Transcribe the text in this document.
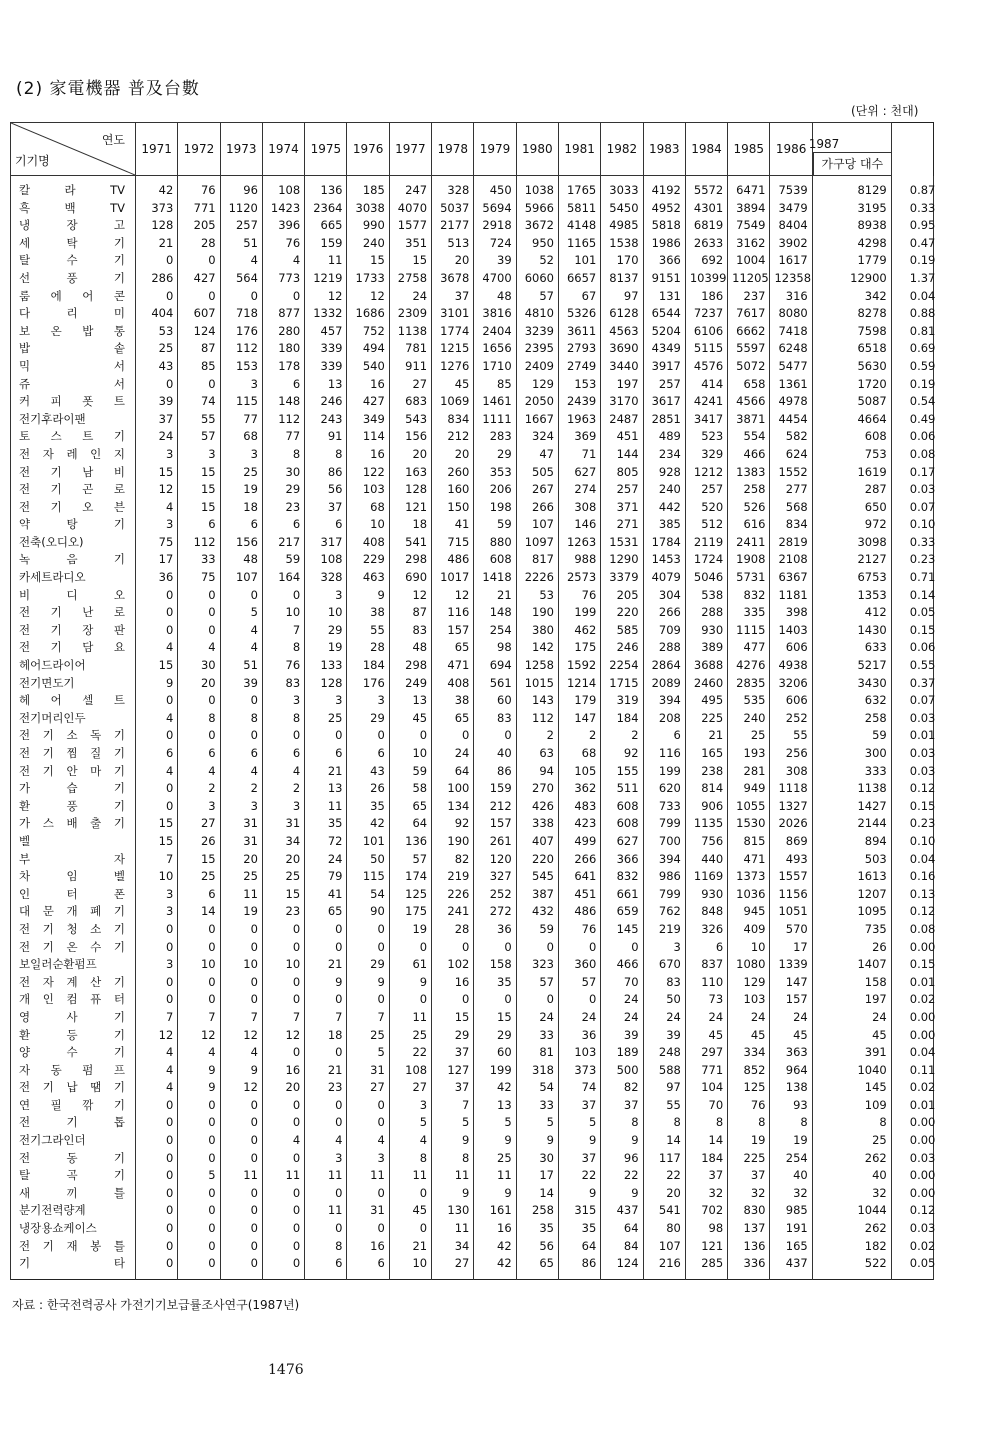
(2) 家電機器 普及台數
(단위 : 천대)
연도
기기명	1971	1972	1973	1974	1975	1976	1977	1978	1979	1980	1981	1982	1983	1984	1985	1986	1987
가구당 대수	

칼 라 TV	42	76	96	108	136	185	247	328	450	1038	1765	3033	4192	5572	6471	7539	8129	0.87
흑 백 TV	373	771	1120	1423	2364	3038	4070	5037	5694	5966	5811	5450	4952	4301	3894	3479	3195	0.33
냉 장 고	128	205	257	396	665	990	1577	2177	2918	3672	4148	4985	5818	6819	7549	8404	8938	0.95
세 탁 기	21	28	51	76	159	240	351	513	724	950	1165	1538	1986	2633	3162	3902	4298	0.47
탈 수 기	0	0	4	4	11	15	15	20	39	52	101	170	366	692	1004	1617	1779	0.19
선 풍 기	286	427	564	773	1219	1733	2758	3678	4700	6060	6657	8137	9151	10399	11205	12358	12900	1.37
룸 에 어 콘	0	0	0	0	12	12	24	37	48	57	67	97	131	186	237	316	342	0.04
다 리 미	404	607	718	877	1332	1686	2309	3101	3816	4810	5326	6128	6544	7237	7617	8080	8278	0.88
보 온 밥 통	53	124	176	280	457	752	1138	1774	2404	3239	3611	4563	5204	6106	6662	7418	7598	0.81
밥 솥	25	87	112	180	339	494	781	1215	1656	2395	2793	3690	4349	5115	5597	6248	6518	0.69
믹 서	43	85	153	178	339	540	911	1276	1710	2409	2749	3440	3917	4576	5072	5477	5630	0.59
쥬 서	0	0	3	6	13	16	27	45	85	129	153	197	257	414	658	1361	1720	0.19
커 피 폿 트	39	74	115	148	246	427	683	1069	1461	2050	2439	3170	3617	4241	4566	4978	5087	0.54
전기후라이팬	37	55	77	112	243	349	543	834	1111	1667	1963	2487	2851	3417	3871	4454	4664	0.49
토 스 트 기	24	57	68	77	91	114	156	212	283	324	369	451	489	523	554	582	608	0.06
전 자 레 인 지	3	3	3	8	8	16	20	20	29	47	71	144	234	329	466	624	753	0.08
전 기 남 비	15	15	25	30	86	122	163	260	353	505	627	805	928	1212	1383	1552	1619	0.17
전 기 곤 로	12	15	19	29	56	103	128	160	206	267	274	257	240	257	258	277	287	0.03
전 기 오 븐	4	15	18	23	37	68	121	150	198	266	308	371	442	520	526	568	650	0.07
약 탕 기	3	6	6	6	6	10	18	41	59	107	146	271	385	512	616	834	972	0.10
전축(오디오)	75	112	156	217	317	408	541	715	880	1097	1263	1531	1784	2119	2411	2819	3098	0.33
녹 음 기	17	33	48	59	108	229	298	486	608	817	988	1290	1453	1724	1908	2108	2127	0.23
카세트라디오	36	75	107	164	328	463	690	1017	1418	2226	2573	3379	4079	5046	5731	6367	6753	0.71
비 디 오	0	0	0	0	3	9	12	12	21	53	76	205	304	538	832	1181	1353	0.14
전 기 난 로	0	0	5	10	10	38	87	116	148	190	199	220	266	288	335	398	412	0.05
전 기 장 판	0	0	4	7	29	55	83	157	254	380	462	585	709	930	1115	1403	1430	0.15
전 기 담 요	4	4	4	8	19	28	48	65	98	142	175	246	288	389	477	606	633	0.06
헤어드라이어	15	30	51	76	133	184	298	471	694	1258	1592	2254	2864	3688	4276	4938	5217	0.55
전기면도기	9	20	39	83	128	176	249	408	561	1015	1214	1715	2089	2460	2835	3206	3430	0.37
헤 어 셀 트	0	0	0	3	3	3	13	38	60	143	179	319	394	495	535	606	632	0.07
전기머리인두	4	8	8	8	25	29	45	65	83	112	147	184	208	225	240	252	258	0.03
전 기 소 독 기	0	0	0	0	0	0	0	0	0	2	2	2	6	21	25	55	59	0.01
전 기 찜 질 기	6	6	6	6	6	6	10	24	40	63	68	92	116	165	193	256	300	0.03
전 기 안 마 기	4	4	4	4	21	43	59	64	86	94	105	155	199	238	281	308	333	0.03
가 습 기	0	2	2	2	13	26	58	100	159	270	362	511	620	814	949	1118	1138	0.12
환 풍 기	0	3	3	3	11	35	65	134	212	426	483	608	733	906	1055	1327	1427	0.15
가 스 배 출 기	15	27	31	31	35	42	64	92	157	338	423	608	799	1135	1530	2026	2144	0.23
벨	15	26	31	34	72	101	136	190	261	407	499	627	700	756	815	869	894	0.10
부 자	7	15	20	20	24	50	57	82	120	220	266	366	394	440	471	493	503	0.04
차 임 벨	10	25	25	25	79	115	174	219	327	545	641	832	986	1169	1373	1557	1613	0.16
인 터 폰	3	6	11	15	41	54	125	226	252	387	451	661	799	930	1036	1156	1207	0.13
대 문 개 폐 기	3	14	19	23	65	90	175	241	272	432	486	659	762	848	945	1051	1095	0.12
전 기 청 소 기	0	0	0	0	0	0	19	28	36	59	76	145	219	326	409	570	735	0.08
전 기 온 수 기	0	0	0	0	0	0	0	0	0	0	0	0	3	6	10	17	26	0.00
보일러순환펌프	3	10	10	10	21	29	61	102	158	323	360	466	670	837	1080	1339	1407	0.15
전 자 계 산 기	0	0	0	0	9	9	9	16	35	57	57	70	83	110	129	147	158	0.01
개 인 컴 퓨 터	0	0	0	0	0	0	0	0	0	0	0	24	50	73	103	157	197	0.02
영 사 기	7	7	7	7	7	7	11	15	15	24	24	24	24	24	24	24	24	0.00
환 등 기	12	12	12	12	18	25	25	29	29	33	36	39	39	45	45	45	45	0.00
양 수 기	4	4	4	0	0	5	22	37	60	81	103	189	248	297	334	363	391	0.04
자 동 펌 프	4	9	9	16	21	31	108	127	199	318	373	500	588	771	852	964	1040	0.11
전 기 납 땜 기	4	9	12	20	23	27	27	37	42	54	74	82	97	104	125	138	145	0.02
연 필 깎 기	0	0	0	0	0	0	3	7	13	33	37	37	55	70	76	93	109	0.01
전 기 톱	0	0	0	0	0	0	5	5	5	5	5	8	8	8	8	8	8	0.00
전기그라인더	0	0	0	4	4	4	4	9	9	9	9	9	14	14	19	19	25	0.00
전 동 기	0	0	0	0	3	3	8	8	25	30	37	96	117	184	225	254	262	0.03
탈 곡 기	0	5	11	11	11	11	11	11	11	17	22	22	22	37	37	40	40	0.00
새 끼 틀	0	0	0	0	0	0	0	9	9	14	9	9	20	32	32	32	32	0.00
분기전력량계	0	0	0	0	11	31	45	130	161	258	315	437	541	702	830	985	1044	0.12
냉장용쇼케이스	0	0	0	0	0	0	0	11	16	35	35	64	80	98	137	191	262	0.03
전 기 재 봉 틀	0	0	0	0	8	16	21	34	42	56	64	84	107	121	136	165	182	0.02
기 타	0	0	0	0	6	6	10	27	42	65	86	124	216	285	336	437	522	0.05
자료 : 한국전력공사 가전기기보급률조사연구(1987년)
1476
